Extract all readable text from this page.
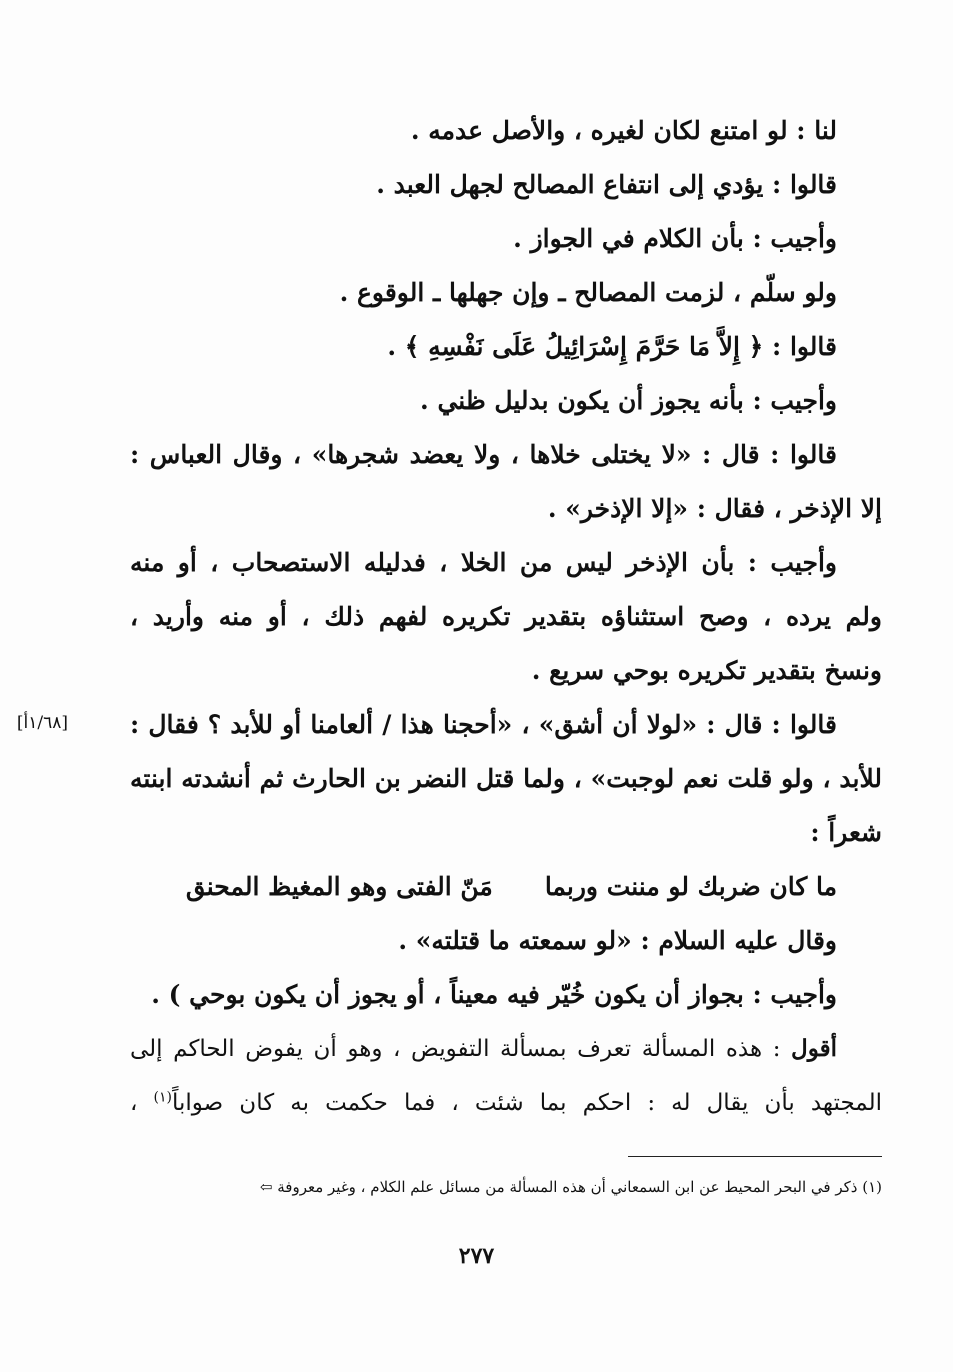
لنا : لو امتنع لكان لغيره ، والأصل عدمه .
قالوا : يؤدي إلى انتفاع المصالح لجهل العبد .
وأجيب : بأن الكلام في الجواز .
ولو سلّم ، لزمت المصالح ـ وإن جهلها ـ الوقوع .
قالوا : ﴿ إِلاَّ مَا حَرَّمَ إِسْرَائِيلُ عَلَى نَفْسِهِ ﴾ .
وأجيب : بأنه يجوز أن يكون بدليل ظني .
قالوا : قال : «لا يختلى خلاها ، ولا يعضد شجرها» ، وقال العباس :
إلا الإذخر ، فقال : «إلا الإذخر» .
وأجيب : بأن الإذخر ليس من الخلا ، فدليله الاستصحاب ، أو منه
ولم يرده ، وصح استثناؤه بتقدير تكريره لفهم ذلك ، أو منه وأريد ،
ونسخ بتقدير تكريره بوحي سريع .
قالوا : قال : «لولا أن أشق» ، «أحجنا هذا / ألعامنا أو للأبد ؟ فقال :
للأبد ، ولو قلت نعم لوجبت» ، ولما قتل النضر بن الحارث ثم أنشدته ابنته
شعراً :
ما كان ضربك لو مننت وربمامَنّ الفتى وهو المغيظ المحنق
وقال عليه السلام : «لو سمعته ما قتلته» .
وأجيب : بجواز أن يكون خُيّر فيه معيناً ، أو يجوز أن يكون بوحي ) .
أقول : هذه المسألة تعرف بمسألة التفويض ، وهو أن يفوض الحاكم إلى
المجتهد بأن يقال له : احكم بما شئت ، فما حكمت به كان صواباً$^{(١)}$ ،
[١/٦٨أ]
(١) ذكر في البحر المحيط عن ابن السمعاني أن هذه المسألة من مسائل علم الكلام ، وغير معروفة ⇦
٢٧٧
